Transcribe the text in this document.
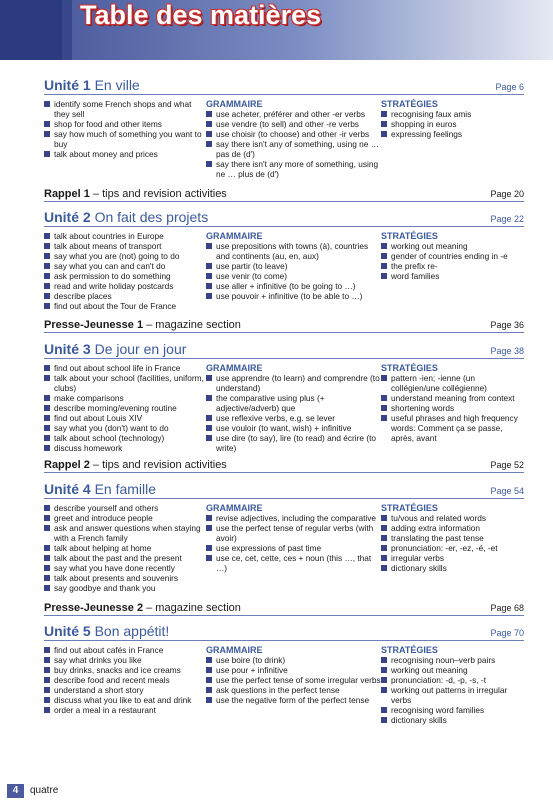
Table des matières
Unité 1 En ville	Page 6
identify some French shops and what they sell
shop for food and other items
say how much of something you want to buy
talk about money and prices
GRAMMAIRE
use acheter, préférer and other -er verbs
use vendre (to sell) and other -re verbs
use choisir (to choose) and other -ir verbs
say there isn't any of something, using ne … pas de (d')
say there isn't any more of something, using ne … plus de (d')
STRATÉGIES
recognising faux amis
shopping in euros
expressing feelings
Rappel 1 – tips and revision activities	Page 20
Unité 2 On fait des projets	Page 22
talk about countries in Europe
talk about means of transport
say what you are (not) going to do
say what you can and can't do
ask permission to do something
read and write holiday postcards
describe places
find out about the Tour de France
GRAMMAIRE
use prepositions with towns (à), countries and continents (au, en, aux)
use partir (to leave)
use venir (to come)
use aller + infinitive (to be going to …)
use pouvoir + infinitive (to be able to …)
STRATÉGIES
working out meaning
gender of countries ending in -e
the prefix re-
word families
Presse-Jeunesse 1 – magazine section	Page 36
Unité 3 De jour en jour	Page 38
find out about school life in France
talk about your school (facilities, uniform, clubs)
make comparisons
describe morning/evening routine
find out about Louis XIV
say what you (don't) want to do
talk about school (technology)
discuss homework
GRAMMAIRE
use apprendre (to learn) and comprendre (to understand)
the comparative using plus (+ adjective/adverb) que
use reflexive verbs, e.g. se lever
use vouloir (to want, wish) + infinitive
use dire (to say), lire (to read) and écrire (to write)
STRATÉGIES
pattern -ien; -ienne (un collégien/une collégienne)
understand meaning from context
shortening words
useful phrases and high frequency words: Comment ça se passe, après, avant
Rappel 2 – tips and revision activities	Page 52
Unité 4 En famille	Page 54
describe yourself and others
greet and introduce people
ask and answer questions when staying with a French family
talk about helping at home
talk about the past and the present
say what you have done recently
talk about presents and souvenirs
say goodbye and thank you
GRAMMAIRE
revise adjectives, including the comparative
use the perfect tense of regular verbs (with avoir)
use expressions of past time
use ce, cet, cette, ces + noun (this …, that …)
STRATÉGIES
tu/vous and related words
adding extra information
translating the past tense
pronunciation: -er, -ez, -é, -et
irregular verbs
dictionary skills
Presse-Jeunesse 2 – magazine section	Page 68
Unité 5 Bon appétit!	Page 70
find out about cafés in France
say what drinks you like
buy drinks, snacks and ice creams
describe food and recent meals
understand a short story
discuss what you like to eat and drink
order a meal in a restaurant
GRAMMAIRE
use boire (to drink)
use pour + infinitive
use the perfect tense of some irregular verbs
ask questions in the perfect tense
use the negative form of the perfect tense
STRATÉGIES
recognising noun–verb pairs
working out meaning
pronunciation: -d, -p, -s, -t
working out patterns in irregular verbs
recognising word families
dictionary skills
4	quatre
